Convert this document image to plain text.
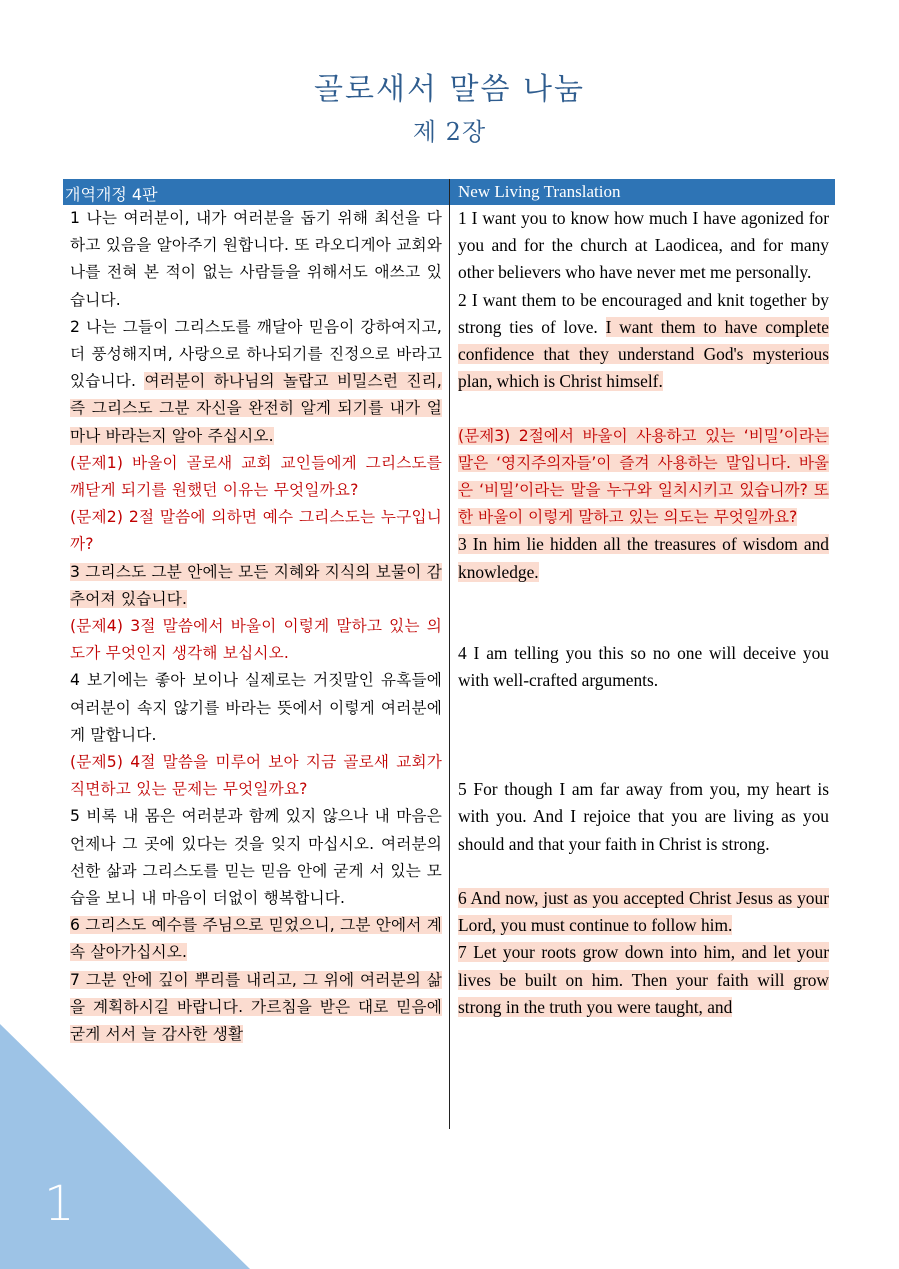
골로새서 말씀 나눔
제 2장
개역개정 4판	New Living Translation

1 나는 여러분이, 내가 여러분을 돕기 위해 최선을 다하고 있음을 알아주기 원합니다. 또 라오디게아 교회와 나를 전혀 본 적이 없는 사람들을 위해서도 애쓰고 있습니다.

2 나는 그들이 그리스도를 깨달아 믿음이 강하여지고, 더 풍성해지며, 사랑으로 하나되기를 진정으로 바라고 있습니다. 여러분이 하나님의 놀랍고 비밀스런 진리, 즉 그리스도 그분 자신을 완전히 알게 되기를 내가 얼마나 바라는지 알아 주십시오.

(문제1) 바울이 골로새 교회 교인들에게 그리스도를 깨닫게 되기를 원했던 이유는 무엇일까요?

(문제2) 2절 말씀에 의하면 예수 그리스도는 누구입니까?

3 그리스도 그분 안에는 모든 지혜와 지식의 보물이 감추어져 있습니다.

(문제4) 3절 말씀에서 바울이 이렇게 말하고 있는 의도가 무엇인지 생각해 보십시오.

4 보기에는 좋아 보이나 실제로는 거짓말인 유혹들에 여러분이 속지 않기를 바라는 뜻에서 이렇게 여러분에게 말합니다.

(문제5) 4절 말씀을 미루어 보아 지금 골로새 교회가 직면하고 있는 문제는 무엇일까요?

5 비록 내 몸은 여러분과 함께 있지 않으나 내 마음은 언제나 그 곳에 있다는 것을 잊지 마십시오. 여러분의 선한 삶과 그리스도를 믿는 믿음 안에 굳게 서 있는 모습을 보니 내 마음이 더없이 행복합니다.

6 그리스도 예수를 주님으로 믿었으니, 그분 안에서 계속 살아가십시오.

7 그분 안에 깊이 뿌리를 내리고, 그 위에 여러분의 삶을 계획하시길 바랍니다. 가르침을 받은 대로 믿음에 굳게 서서 늘 감사한 생활

1 I want you to know how much I have agonized for you and for the church at Laodicea, and for many other believers who have never met me personally.

2 I want them to be encouraged and knit together by strong ties of love. I want them to have complete confidence that they understand God's mysterious plan, which is Christ himself.

(문제3) 2절에서 바울이 사용하고 있는 ‘비밀’이라는 말은 ‘영지주의자들’이 즐겨 사용하는 말입니다. 바울은 ‘비밀’이라는 말을 누구와 일치시키고 있습니까? 또한 바울이 이렇게 말하고 있는 의도는 무엇일까요?

3 In him lie hidden all the treasures of wisdom and knowledge.

4 I am telling you this so no one will deceive you with well-crafted arguments.

5 For though I am far away from you, my heart is with you. And I rejoice that you are living as you should and that your faith in Christ is strong.

6 And now, just as you accepted Christ Jesus as your Lord, you must continue to follow him.

7 Let your roots grow down into him, and let your lives be built on him. Then your faith will grow strong in the truth you were taught, and

1
